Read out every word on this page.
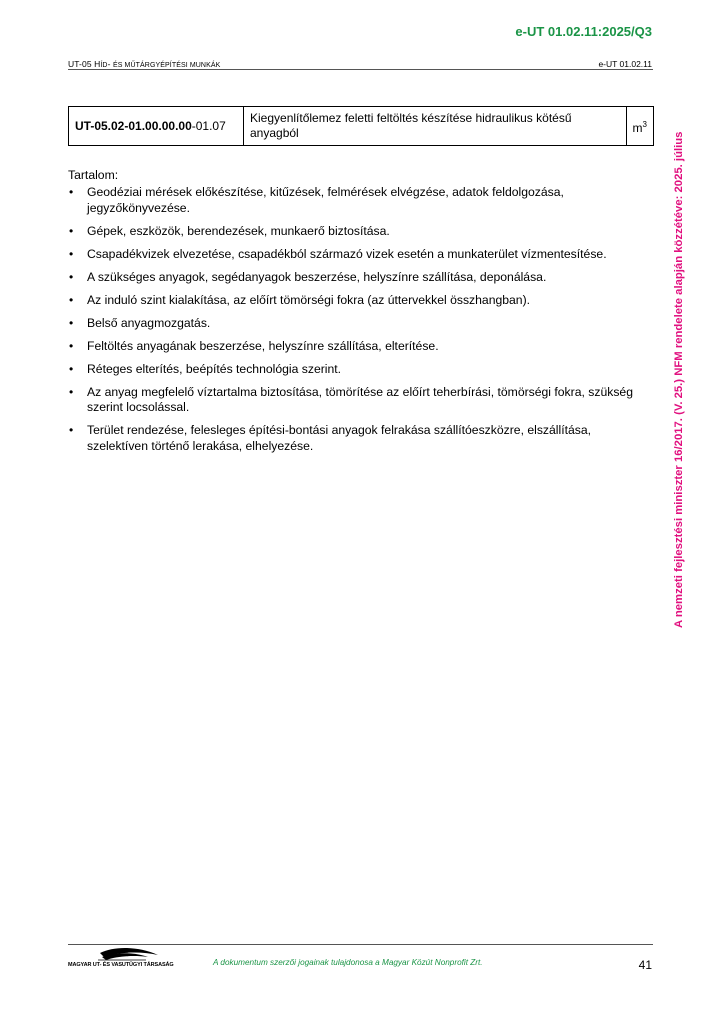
e-UT 01.02.11:2025/Q3
UT-05 HÍD- ÉS MŰTÁRGYÉPÍTÉSI MUNKÁK	e-UT 01.02.11
UT-05.02-01.00.00.00-01.07	Kiegyenlítőlemez feletti feltöltés készítése hidraulikus kötésű anyagból	$m^3$
Tartalom:
• Geodéziai mérések előkészítése, kitűzések, felmérések elvégzése, adatok feldolgozása, jegyzőkönyvezése.
• Gépek, eszközök, berendezések, munkaerő biztosítása.
• Csapadékvizek elvezetése, csapadékból származó vizek esetén a munkaterület vízmentesítése.
• A szükséges anyagok, segédanyagok beszerzése, helyszínre szállítása, deponálása.
• Az induló szint kialakítása, az előírt tömörségi fokra (az úttervekkel összhangban).
• Belső anyagmozgatás.
• Feltöltés anyagának beszerzése, helyszínre szállítása, elterítése.
• Réteges elterítés, beépítés technológia szerint.
• Az anyag megfelelő víztartalma biztosítása, tömörítése az előírt teherbírási, tömörségi fokra, szükség szerint locsolással.
• Terület rendezése, felesleges építési-bontási anyagok felrakása szállítóeszközre, elszállítása, szelektíven történő lerakása, elhelyezése.	A nemzeti fejlesztési miniszter 16/2017. (V. 25.) NFM rendelete alapján közzétéve: 2025. július
MAGYAR UT- ÉS VASUTÜGYI TÁRSASÁG	A dokumentum szerzői jogainak tulajdonosa a Magyar Közút Nonprofit Zrt.	41
